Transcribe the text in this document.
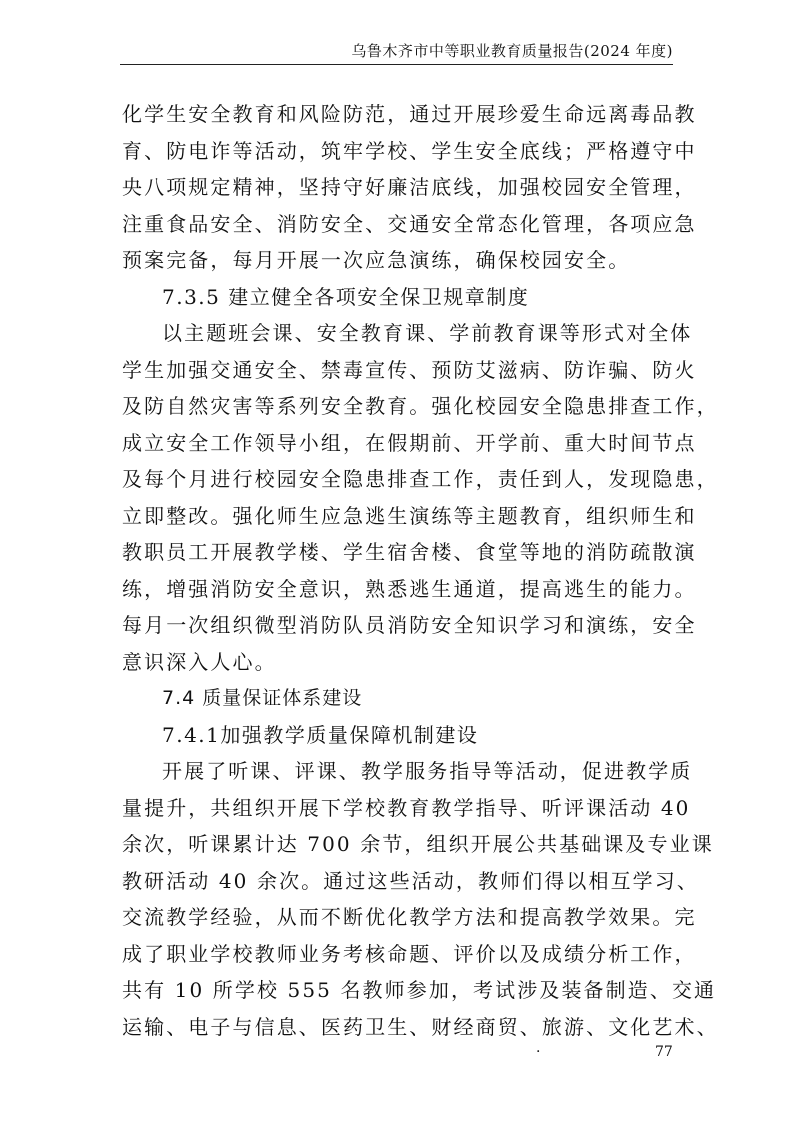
乌鲁木齐市中等职业教育质量报告(2024 年度)
化学生安全教育和风险防范，通过开展珍爱生命远离毒品教
育、防电诈等活动，筑牢学校、学生安全底线；严格遵守中
央八项规定精神，坚持守好廉洁底线，加强校园安全管理，
注重食品安全、消防安全、交通安全常态化管理，各项应急
预案完备，每月开展一次应急演练，确保校园安全。
7.3.5 建立健全各项安全保卫规章制度
以主题班会课、安全教育课、学前教育课等形式对全体
学生加强交通安全、禁毒宣传、预防艾滋病、防诈骗、防火
及防自然灾害等系列安全教育。强化校园安全隐患排查工作，
成立安全工作领导小组，在假期前、开学前、重大时间节点
及每个月进行校园安全隐患排查工作，责任到人，发现隐患，
立即整改。强化师生应急逃生演练等主题教育，组织师生和
教职员工开展教学楼、学生宿舍楼、食堂等地的消防疏散演
练，增强消防安全意识，熟悉逃生通道，提高逃生的能力。
每月一次组织微型消防队员消防安全知识学习和演练，安全
意识深入人心。
7.4 质量保证体系建设
7.4.1加强教学质量保障机制建设
开展了听课、评课、教学服务指导等活动，促进教学质
量提升，共组织开展下学校教育教学指导、听评课活动 40
余次，听课累计达 700 余节，组织开展公共基础课及专业课
教研活动 40 余次。通过这些活动，教师们得以相互学习、
交流教学经验，从而不断优化教学方法和提高教学效果。完
成了职业学校教师业务考核命题、评价以及成绩分析工作，
共有 10 所学校 555 名教师参加，考试涉及装备制造、交通
运输、电子与信息、医药卫生、财经商贸、旅游、文化艺术、
·	77
